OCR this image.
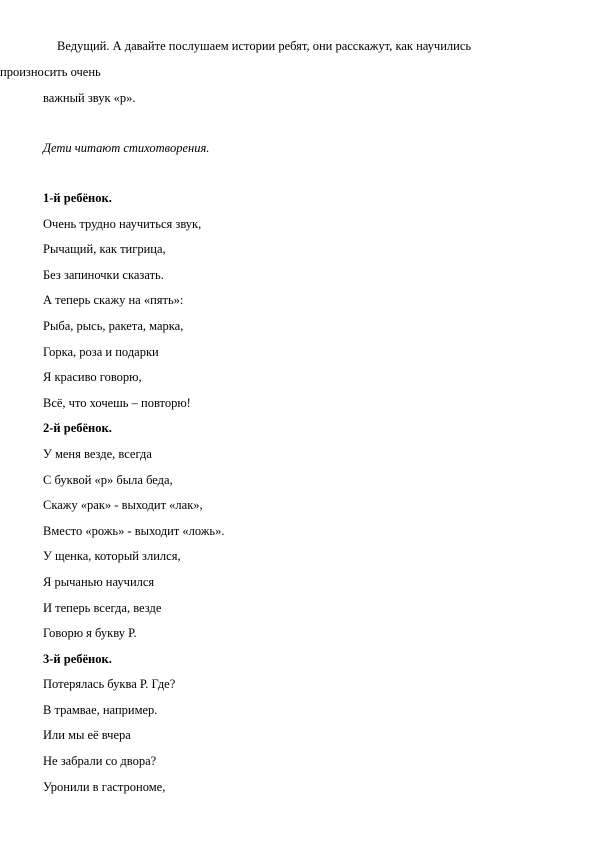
Ведущий. А давайте послушаем истории ребят, они расскажут, как научились
произносить очень
важный звук «р».
Дети читают стихотворения.
1-й ребёнок.
Очень трудно научиться звук,
Рычащий, как тигрица,
Без запиночки сказать.
А теперь скажу на «пять»:
Рыба, рысь, ракета, марка,
Горка, роза и подарки
Я красиво говорю,
Всё, что хочешь – повторю!
2-й ребёнок.
У меня везде, всегда
С буквой «р» была беда,
Скажу «рак» - выходит «лак»,
Вместо «рожь» - выходит «ложь».
У щенка, который злился,
Я рычанью научился
И теперь всегда, везде
Говорю я букву Р.
3-й ребёнок.
Потерялась буква Р. Где?
В трамвае, например.
Или мы её вчера
Не забрали со двора?
Уронили в гастрономе,
